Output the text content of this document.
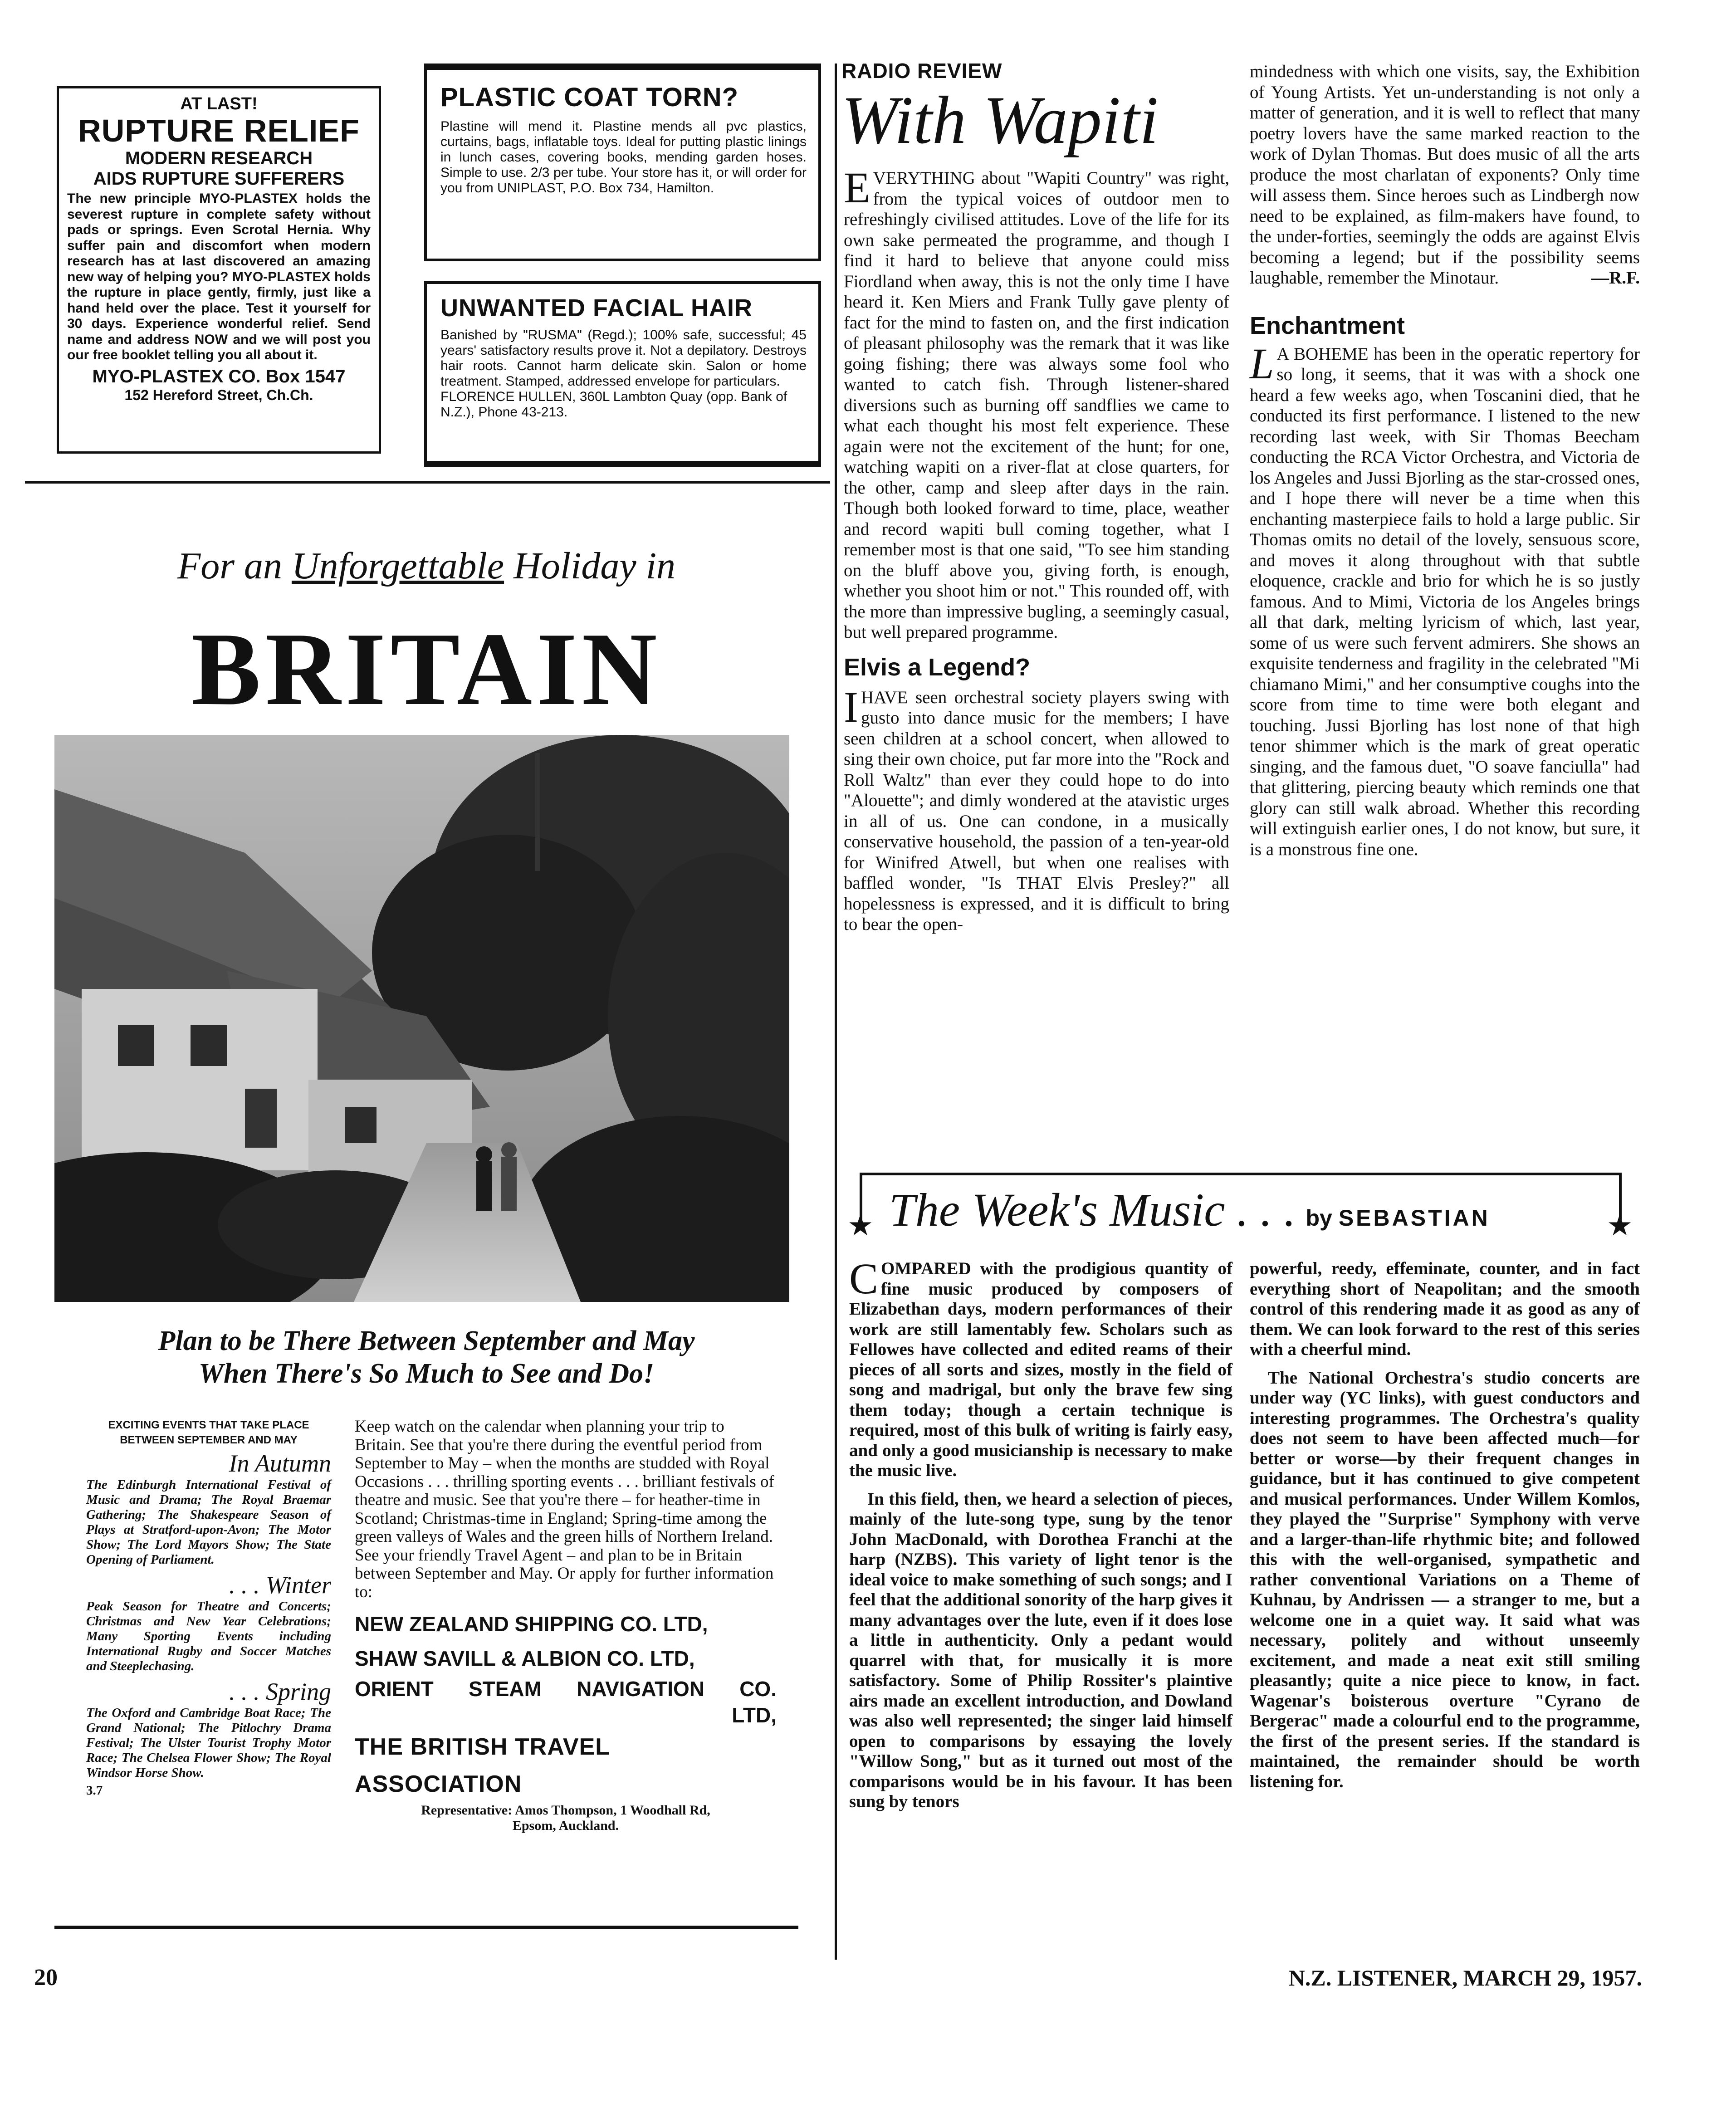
AT LAST!
RUPTURE RELIEF
MODERN RESEARCH
AIDS RUPTURE SUFFERERS
The new principle MYO-PLASTEX holds the severest rupture in complete safety without pads or springs. Even Scrotal Hernia. Why suffer pain and discomfort when modern research has at last discovered an amazing new way of helping you? MYO-PLASTEX holds the rupture in place gently, firmly, just like a hand held over the place. Test it yourself for 30 days. Experience wonderful relief. Send name and address NOW and we will post you our free booklet telling you all about it.
MYO-PLASTEX CO. Box 1547
152 Hereford Street, Ch.Ch.
PLASTIC COAT TORN?
Plastine will mend it. Plastine mends all pvc plastics, curtains, bags, inflatable toys. Ideal for putting plastic linings in lunch cases, covering books, mending garden hoses. Simple to use. 2/3 per tube. Your store has it, or will order for you from UNIPLAST, P.O. Box 734, Hamilton.
UNWANTED FACIAL HAIR
Banished by "RUSMA" (Regd.); 100% safe, successful; 45 years' satisfactory results prove it. Not a depilatory. Destroys hair roots. Cannot harm delicate skin. Salon or home treatment. Stamped, addressed envelope for particulars.
FLORENCE HULLEN, 360L Lambton Quay (opp. Bank of N.Z.), Phone 43-213.
For an Unforgettable Holiday in
BRITAIN
Plan to be There Between September and May
When There's So Much to See and Do!
EXCITING EVENTS THAT TAKE PLACE
BETWEEN SEPTEMBER AND MAY
In Autumn
The Edinburgh International Festival of Music and Drama; The Royal Braemar Gathering; The Shakespeare Season of Plays at Stratford-upon-Avon; The Motor Show; The Lord Mayors Show; The State Opening of Parliament.
. . . Winter
Peak Season for Theatre and Concerts; Christmas and New Year Celebrations; Many Sporting Events including International Rugby and Soccer Matches and Steeplechasing.
. . . Spring
The Oxford and Cambridge Boat Race; The Grand National; The Pitlochry Drama Festival; The Ulster Tourist Trophy Motor Race; The Chelsea Flower Show; The Royal Windsor Horse Show.
3.7
Keep watch on the calendar when planning your trip to Britain. See that you're there during the eventful period from September to May – when the months are studded with Royal Occasions . . . thrilling sporting events . . . brilliant festivals of theatre and music. See that you're there – for heather-time in Scotland; Christmas-time in England; Spring-time among the green valleys of Wales and the green hills of Northern Ireland. See your friendly Travel Agent – and plan to be in Britain between September and May. Or apply for further information to:
NEW ZEALAND SHIPPING CO. LTD,
SHAW SAVILL & ALBION CO. LTD,
ORIENT STEAM NAVIGATION CO.
LTD,
THE BRITISH TRAVEL ASSOCIATION
Representative: Amos Thompson, 1 Woodhall Rd,
Epsom, Auckland.
RADIO REVIEW
With Wapiti

E VERYTHING about "Wapiti Country" was right, from the typical voices of outdoor men to refreshingly civilised attitudes. Love of the life for its own sake permeated the programme, and though I find it hard to believe that anyone could miss Fiordland when away, this is not the only time I have heard it. Ken Miers and Frank Tully gave plenty of fact for the mind to fasten on, and the first indication of pleasant philosophy was the remark that it was like going fishing; there was always some fool who wanted to catch fish. Through listener-shared diversions such as burning off sandflies we came to what each thought his most felt experience. These again were not the excitement of the hunt; for one, watching wapiti on a river-flat at close quarters, for the other, camp and sleep after days in the rain. Though both looked forward to time, place, weather and record wapiti bull coming together, what I remember most is that one said, "To see him standing on the bluff above you, giving forth, is enough, whether you shoot him or not." This rounded off, with the more than impressive bugling, a seemingly casual, but well prepared programme.

Elvis a Legend?

I HAVE seen orchestral society players swing with gusto into dance music for the members; I have seen children at a school concert, when allowed to sing their own choice, put far more into the "Rock and Roll Waltz" than ever they could hope to do into "Alouette"; and dimly wondered at the atavistic urges in all of us. One can condone, in a musically conservative household, the passion of a ten-year-old for Winifred Atwell, but when one realises with baffled wonder, "Is THAT Elvis Presley?" all hopelessness is expressed, and it is difficult to bring to bear the open-

mindedness with which one visits, say, the Exhibition of Young Artists. Yet un-understanding is not only a matter of generation, and it is well to reflect that many poetry lovers have the same marked reaction to the work of Dylan Thomas. But does music of all the arts produce the most charlatan of exponents? Only time will assess them. Since heroes such as Lindbergh now need to be explained, as film-makers have found, to the under-forties, seemingly the odds are against Elvis becoming a legend; but if the possibility seems laughable, remember the Minotaur.	—R.F.

Enchantment

L A BOHEME has been in the operatic repertory for so long, it seems, that it was with a shock one heard a few weeks ago, when Toscanini died, that he conducted its first performance. I listened to the new recording last week, with Sir Thomas Beecham conducting the RCA Victor Orchestra, and Victoria de los Angeles and Jussi Bjorling as the star-crossed ones, and I hope there will never be a time when this enchanting masterpiece fails to hold a large public. Sir Thomas omits no detail of the lovely, sensuous score, and moves it along throughout with that subtle eloquence, crackle and brio for which he is so justly famous. And to Mimi, Victoria de los Angeles brings all that dark, melting lyricism of which, last year, some of us were such fervent admirers. She shows an exquisite tenderness and fragility in the celebrated "Mi chiamano Mimi," and her consumptive coughs into the score from time to time were both elegant and touching. Jussi Bjorling has lost none of that high tenor shimmer which is the mark of great operatic singing, and the famous duet, "O soave fanciulla" had that glittering, piercing beauty which reminds one that glory can still walk abroad. Whether this recording will extinguish earlier ones, I do not know, but sure, it is a monstrous fine one.

★	★
The Week's Music . . . by SEBASTIAN

C OMPARED with the prodigious quantity of fine music produced by composers of Elizabethan days, modern performances of their work are still lamentably few. Scholars such as Fellowes have collected and edited reams of their pieces of all sorts and sizes, mostly in the field of song and madrigal, but only the brave few sing them today; though a certain technique is required, most of this bulk of writing is fairly easy, and only a good musicianship is necessary to make the music live.

In this field, then, we heard a selection of pieces, mainly of the lute-song type, sung by the tenor John MacDonald, with Dorothea Franchi at the harp (NZBS). This variety of light tenor is the ideal voice to make something of such songs; and I feel that the additional sonority of the harp gives it many advantages over the lute, even if it does lose a little in authenticity. Only a pedant would quarrel with that, for musically it is more satisfactory. Some of Philip Rossiter's plaintive airs made an excellent introduction, and Dowland was also well represented; the singer laid himself open to comparisons by essaying the lovely "Willow Song," but as it turned out most of the comparisons would be in his favour. It has been sung by tenors

powerful, reedy, effeminate, counter, and in fact everything short of Neapolitan; and the smooth control of this rendering made it as good as any of them. We can look forward to the rest of this series with a cheerful mind.

The National Orchestra's studio concerts are under way (YC links), with guest conductors and interesting programmes. The Orchestra's quality does not seem to have been affected much—for better or worse—by their frequent changes in guidance, but it has continued to give competent and musical performances. Under Willem Komlos, they played the "Surprise" Symphony with verve and a larger-than-life rhythmic bite; and followed this with the well-organised, sympathetic and rather conventional Variations on a Theme of Kuhnau, by Andrissen — a stranger to me, but a welcome one in a quiet way. It said what was necessary, politely and without unseemly excitement, and made a neat exit still smiling pleasantly; quite a nice piece to know, in fact. Wagenar's boisterous overture "Cyrano de Bergerac" made a colourful end to the programme, the first of the present series. If the standard is maintained, the remainder should be worth listening for.

20	N.Z. LISTENER, MARCH 29, 1957.
